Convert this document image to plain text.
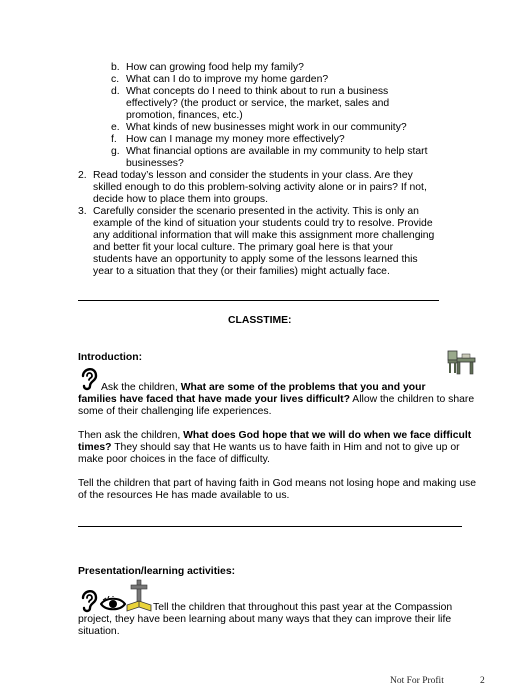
b. How can growing food help my family?
c. What can I do to improve my home garden?
d. What concepts do I need to think about to run a business
effectively? (the product or service, the market, sales and
promotion, finances, etc.)
e. What kinds of new businesses might work in our community?
f. How can I manage my money more effectively?
g. What financial options are available in my community to help start
businesses?
2. Read today’s lesson and consider the students in your class. Are they
skilled enough to do this problem-solving activity alone or in pairs? If not,
decide how to place them into groups.
3. Carefully consider the scenario presented in the activity. This is only an
example of the kind of situation your students could try to resolve. Provide
any additional information that will make this assignment more challenging
and better fit your local culture. The primary goal here is that your
students have an opportunity to apply some of the lessons learned this
year to a situation that they (or their families) might actually face.
CLASSTIME:
Introduction:
Ask the children, What are some of the problems that you and your
families have faced that have made your lives difficult? Allow the children to share
some of their challenging life experiences.
Then ask the children, What does God hope that we will do when we face difficult
times? They should say that He wants us to have faith in Him and not to give up or
make poor choices in the face of difficulty.
Tell the children that part of having faith in God means not losing hope and making use
of the resources He has made available to us.
Presentation/learning activities:
Tell the children that throughout this past year at the Compassion
project, they have been learning about many ways that they can improve their life
situation.
Not For Profit	2
